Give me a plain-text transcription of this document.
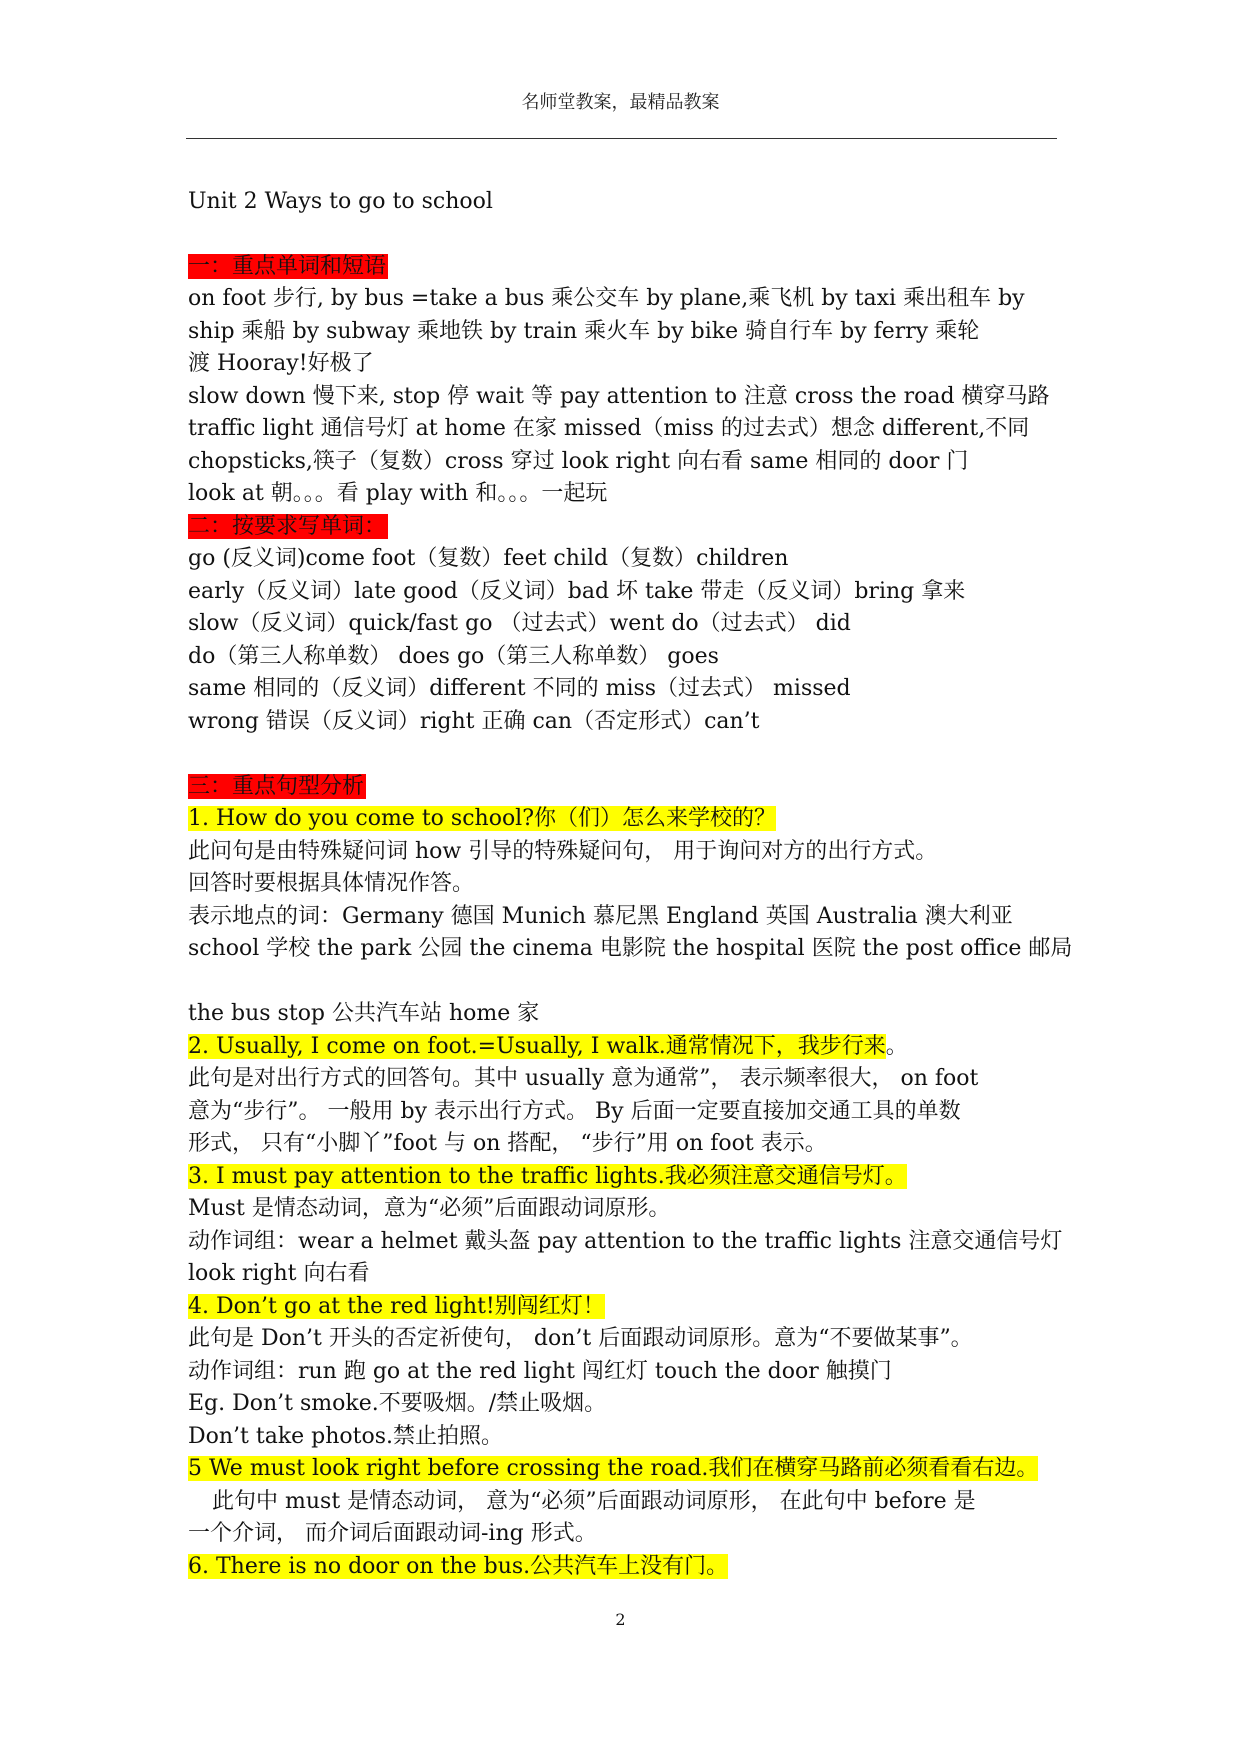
名师堂教案，最精品教案
Unit 2 Ways to go to school
一：重点单词和短语
on foot 步行, by bus =take a bus 乘公交车 by plane,乘飞机 by taxi 乘出租车 by
ship 乘船 by subway 乘地铁 by train 乘火车 by bike 骑自行车 by ferry 乘轮
渡 Hooray!好极了
slow down 慢下来, stop 停 wait 等 pay attention to 注意 cross the road 横穿马路
traffic light 通信号灯 at home 在家 missed（miss 的过去式）想念 different,不同
chopsticks,筷子（复数）cross 穿过 look right 向右看 same 相同的 door 门
look at 朝。。。看 play with 和。。。一起玩
二：按要求写单词：
go (反义词)come foot（复数）feet child（复数）children
early（反义词）late good（反义词）bad 坏 take 带走（反义词）bring 拿来
slow（反义词）quick/fast go （过去式）went do（过去式） did
do（第三人称单数） does go（第三人称单数） goes
same 相同的（反义词）different 不同的 miss（过去式） missed
wrong 错误（反义词）right 正确 can（否定形式）can’t
三：重点句型分析
1. How do you come to school?你（们）怎么来学校的？
此问句是由特殊疑问词 how 引导的特殊疑问句， 用于询问对方的出行方式。
回答时要根据具体情况作答。
表示地点的词：Germany 德国 Munich 慕尼黑 England 英国 Australia 澳大利亚
school 学校 the park 公园 the cinema 电影院 the hospital 医院 the post office 邮局
the bus stop 公共汽车站 home 家
2. Usually, I come on foot.=Usually, I walk.通常情况下，我步行来。
此句是对出行方式的回答句。其中 usually 意为通常”， 表示频率很大， on foot
意为“步行”。 一般用 by 表示出行方式。 By 后面一定要直接加交通工具的单数
形式， 只有“小脚丫”foot 与 on 搭配， “步行”用 on foot 表示。
3. I must pay attention to the traffic lights.我必须注意交通信号灯。
Must 是情态动词，意为“必须”后面跟动词原形。
动作词组：wear a helmet 戴头盔 pay attention to the traffic lights 注意交通信号灯
look right 向右看
4. Don’t go at the red light!别闯红灯！
此句是 Don’t 开头的否定祈使句， don’t 后面跟动词原形。意为“不要做某事”。
动作词组：run 跑 go at the red light 闯红灯 touch the door 触摸门
Eg. Don’t smoke.不要吸烟。/禁止吸烟。
Don’t take photos.禁止拍照。
5 We must look right before crossing the road.我们在横穿马路前必须看看右边。
此句中 must 是情态动词， 意为“必须”后面跟动词原形， 在此句中 before 是
一个介词， 而介词后面跟动词-ing 形式。
6. There is no door on the bus.公共汽车上没有门。
2
